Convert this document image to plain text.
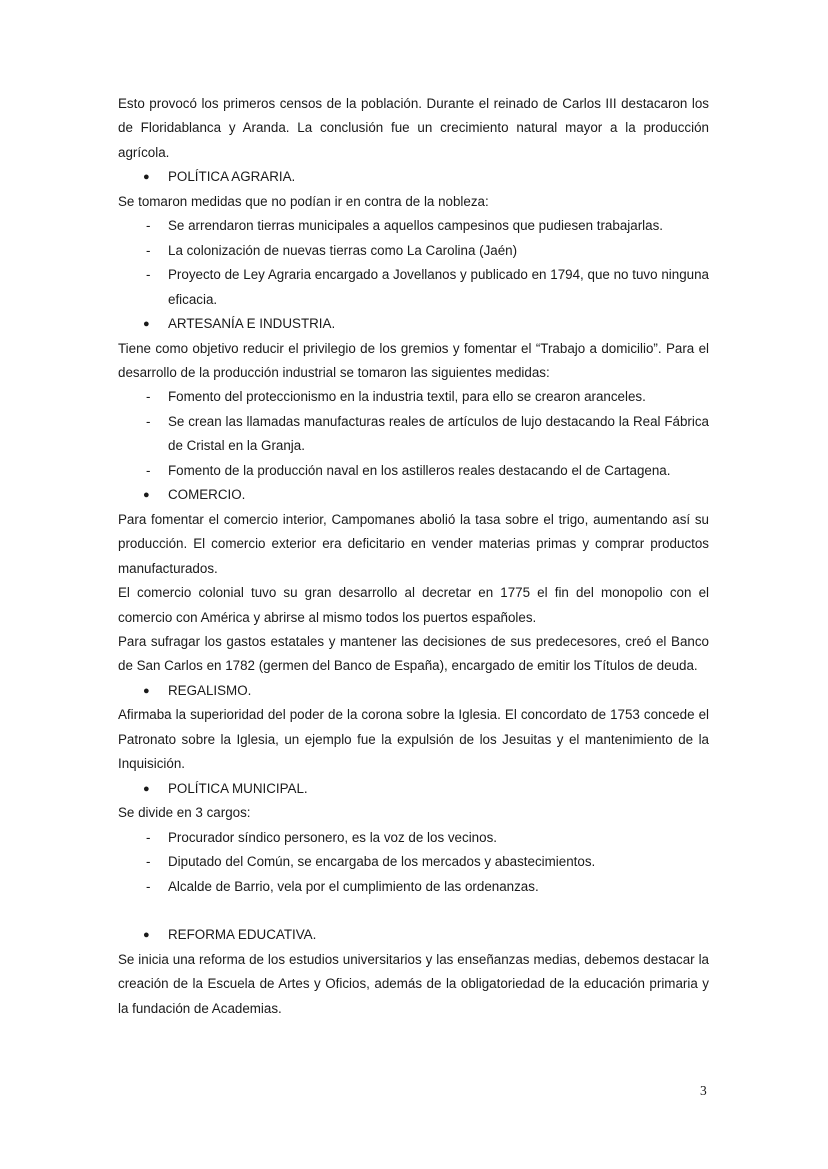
Esto provocó los primeros censos de la población. Durante el reinado de Carlos III destacaron los de Floridablanca y Aranda. La conclusión fue un crecimiento natural mayor a la producción agrícola.
● POLÍTICA AGRARIA.
Se tomaron medidas que no podían ir en contra de la nobleza:
- Se arrendaron tierras municipales a aquellos campesinos que pudiesen trabajarlas.
- La colonización de nuevas tierras como La Carolina (Jaén)
- Proyecto de Ley Agraria encargado a Jovellanos y publicado en 1794, que no tuvo ninguna eficacia.
● ARTESANÍA E INDUSTRIA.
Tiene como objetivo reducir el privilegio de los gremios y fomentar el “Trabajo a domicilio”. Para el desarrollo de la producción industrial se tomaron las siguientes medidas:
- Fomento del proteccionismo en la industria textil, para ello se crearon aranceles.
- Se crean las llamadas manufacturas reales de artículos de lujo destacando la Real Fábrica de Cristal en la Granja.
- Fomento de la producción naval en los astilleros reales destacando el de Cartagena.
● COMERCIO.
Para fomentar el comercio interior, Campomanes abolió la tasa sobre el trigo, aumentando así su producción. El comercio exterior era deficitario en vender materias primas y comprar productos manufacturados.
El comercio colonial tuvo su gran desarrollo al decretar en 1775 el fin del monopolio con el comercio con América y abrirse al mismo todos los puertos españoles.
Para sufragar los gastos estatales y mantener las decisiones de sus predecesores, creó el Banco de San Carlos en 1782 (germen del Banco de España), encargado de emitir los Títulos de deuda.
● REGALISMO.
Afirmaba la superioridad del poder de la corona sobre la Iglesia. El concordato de 1753 concede el Patronato sobre la Iglesia, un ejemplo fue la expulsión de los Jesuitas y el mantenimiento de la Inquisición.
● POLÍTICA MUNICIPAL.
Se divide en 3 cargos:
- Procurador síndico personero, es la voz de los vecinos.
- Diputado del Común, se encargaba de los mercados y abastecimientos.
- Alcalde de Barrio, vela por el cumplimiento de las ordenanzas.
● REFORMA EDUCATIVA.
Se inicia una reforma de los estudios universitarios y las enseñanzas medias, debemos destacar la creación de la Escuela de Artes y Oficios, además de la obligatoriedad de la educación primaria y la fundación de Academias.
3
